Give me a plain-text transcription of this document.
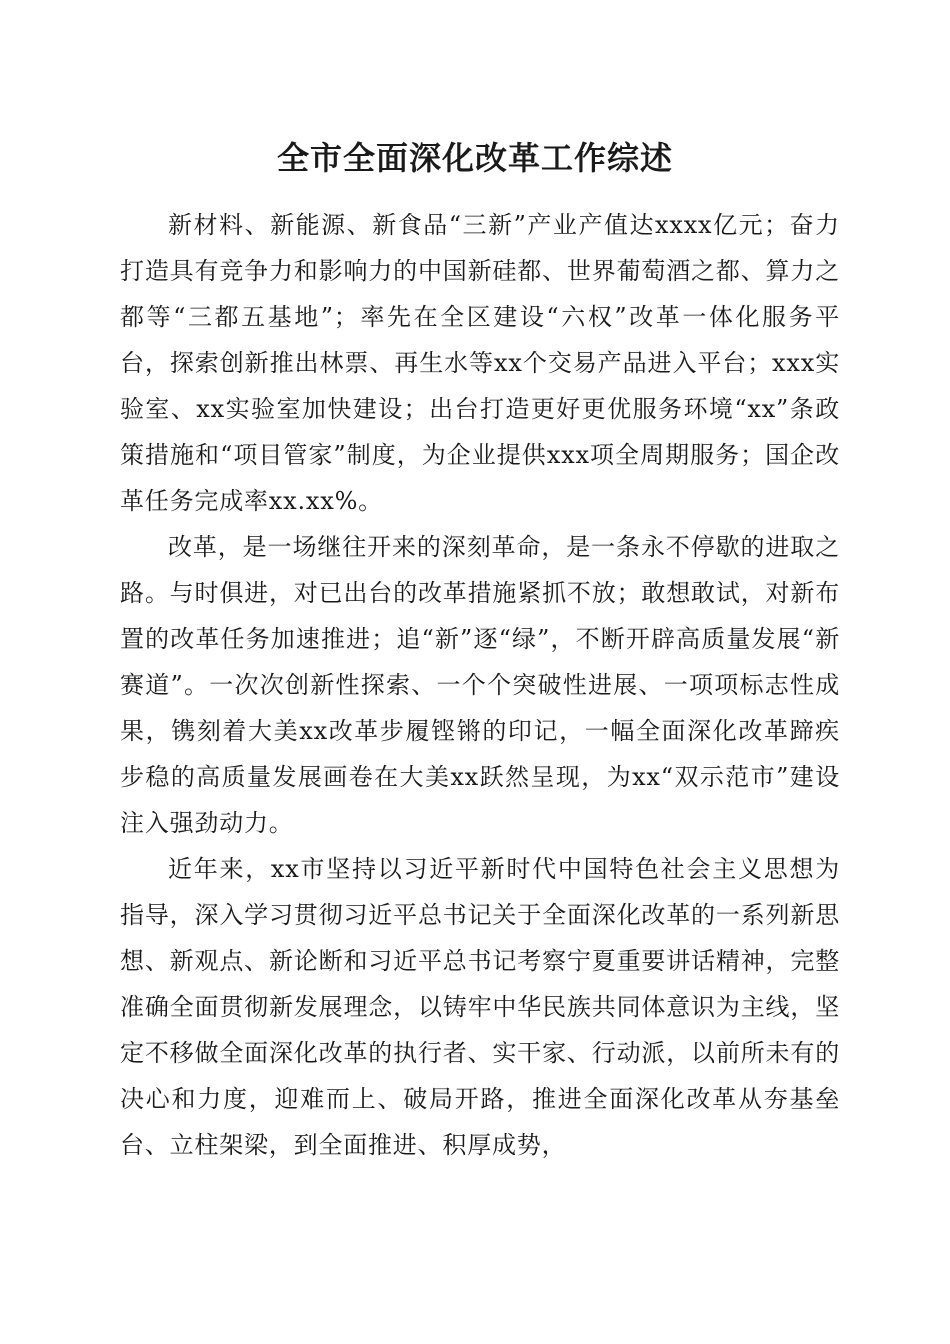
全市全面深化改革工作综述

新材料、新能源、新食品“三新”产业产值达xxxx亿元；奋力打造具有竞争力和影响力的中国新硅都、世界葡萄酒之都、算力之都等“三都五基地”；率先在全区建设“六权”改革一体化服务平台，探索创新推出林票、再生水等xx个交易产品进入平台；xxx实验室、xx实验室加快建设；出台打造更好更优服务环境“xx”条政策措施和“项目管家”制度，为企业提供xxx项全周期服务；国企改革任务完成率xx.xx%。

改革，是一场继往开来的深刻革命，是一条永不停歇的进取之路。与时俱进，对已出台的改革措施紧抓不放；敢想敢试，对新布置的改革任务加速推进；追“新”逐“绿”，不断开辟高质量发展“新赛道”。一次次创新性探索、一个个突破性进展、一项项标志性成果，镌刻着大美xx改革步履铿锵的印记，一幅全面深化改革蹄疾步稳的高质量发展画卷在大美xx跃然呈现，为xx“双示范市”建设注入强劲动力。

近年来，xx市坚持以习近平新时代中国特色社会主义思想为指导，深入学习贯彻习近平总书记关于全面深化改革的一系列新思想、新观点、新论断和习近平总书记考察宁夏重要讲话精神，完整准确全面贯彻新发展理念，以铸牢中华民族共同体意识为主线，坚定不移做全面深化改革的执行者、实干家、行动派，以前所未有的决心和力度，迎难而上、破局开路，推进全面深化改革从夯基垒台、立柱架梁，到全面推进、积厚成势，
